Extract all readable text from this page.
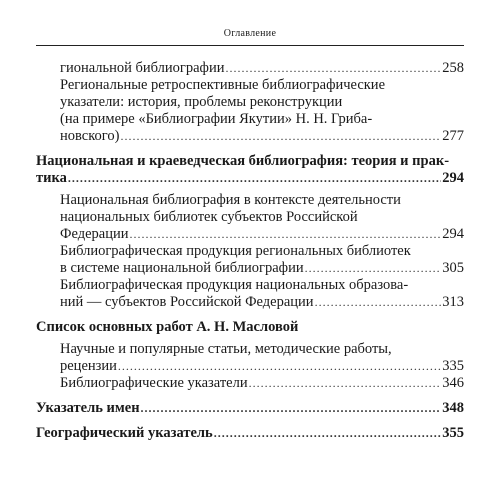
Оглавление
гиональной библиографии .....	258
Региональные ретроспективные библиографические
указатели: история, проблемы реконструкции
(на примере «Библиографии Якутии» Н. Н. Гриба-
новского) .....	277
Национальная и краеведческая библиография: теория и прак-
тика .....	294
Национальная библиография в контексте деятельности
национальных библиотек субъектов Российской
Федерации .....	294
Библиографическая продукция региональных библиотек
в системе национальной библиографии .....	305
Библиографическая продукция национальных образова-
ний — субъектов Российской Федерации .....	313
Список основных работ А. Н. Масловой
Научные и популярные статьи, методические работы,
рецензии .....	335
Библиографические указатели .....	346
Указатель имен .....	348
Географический указатель .....	355
